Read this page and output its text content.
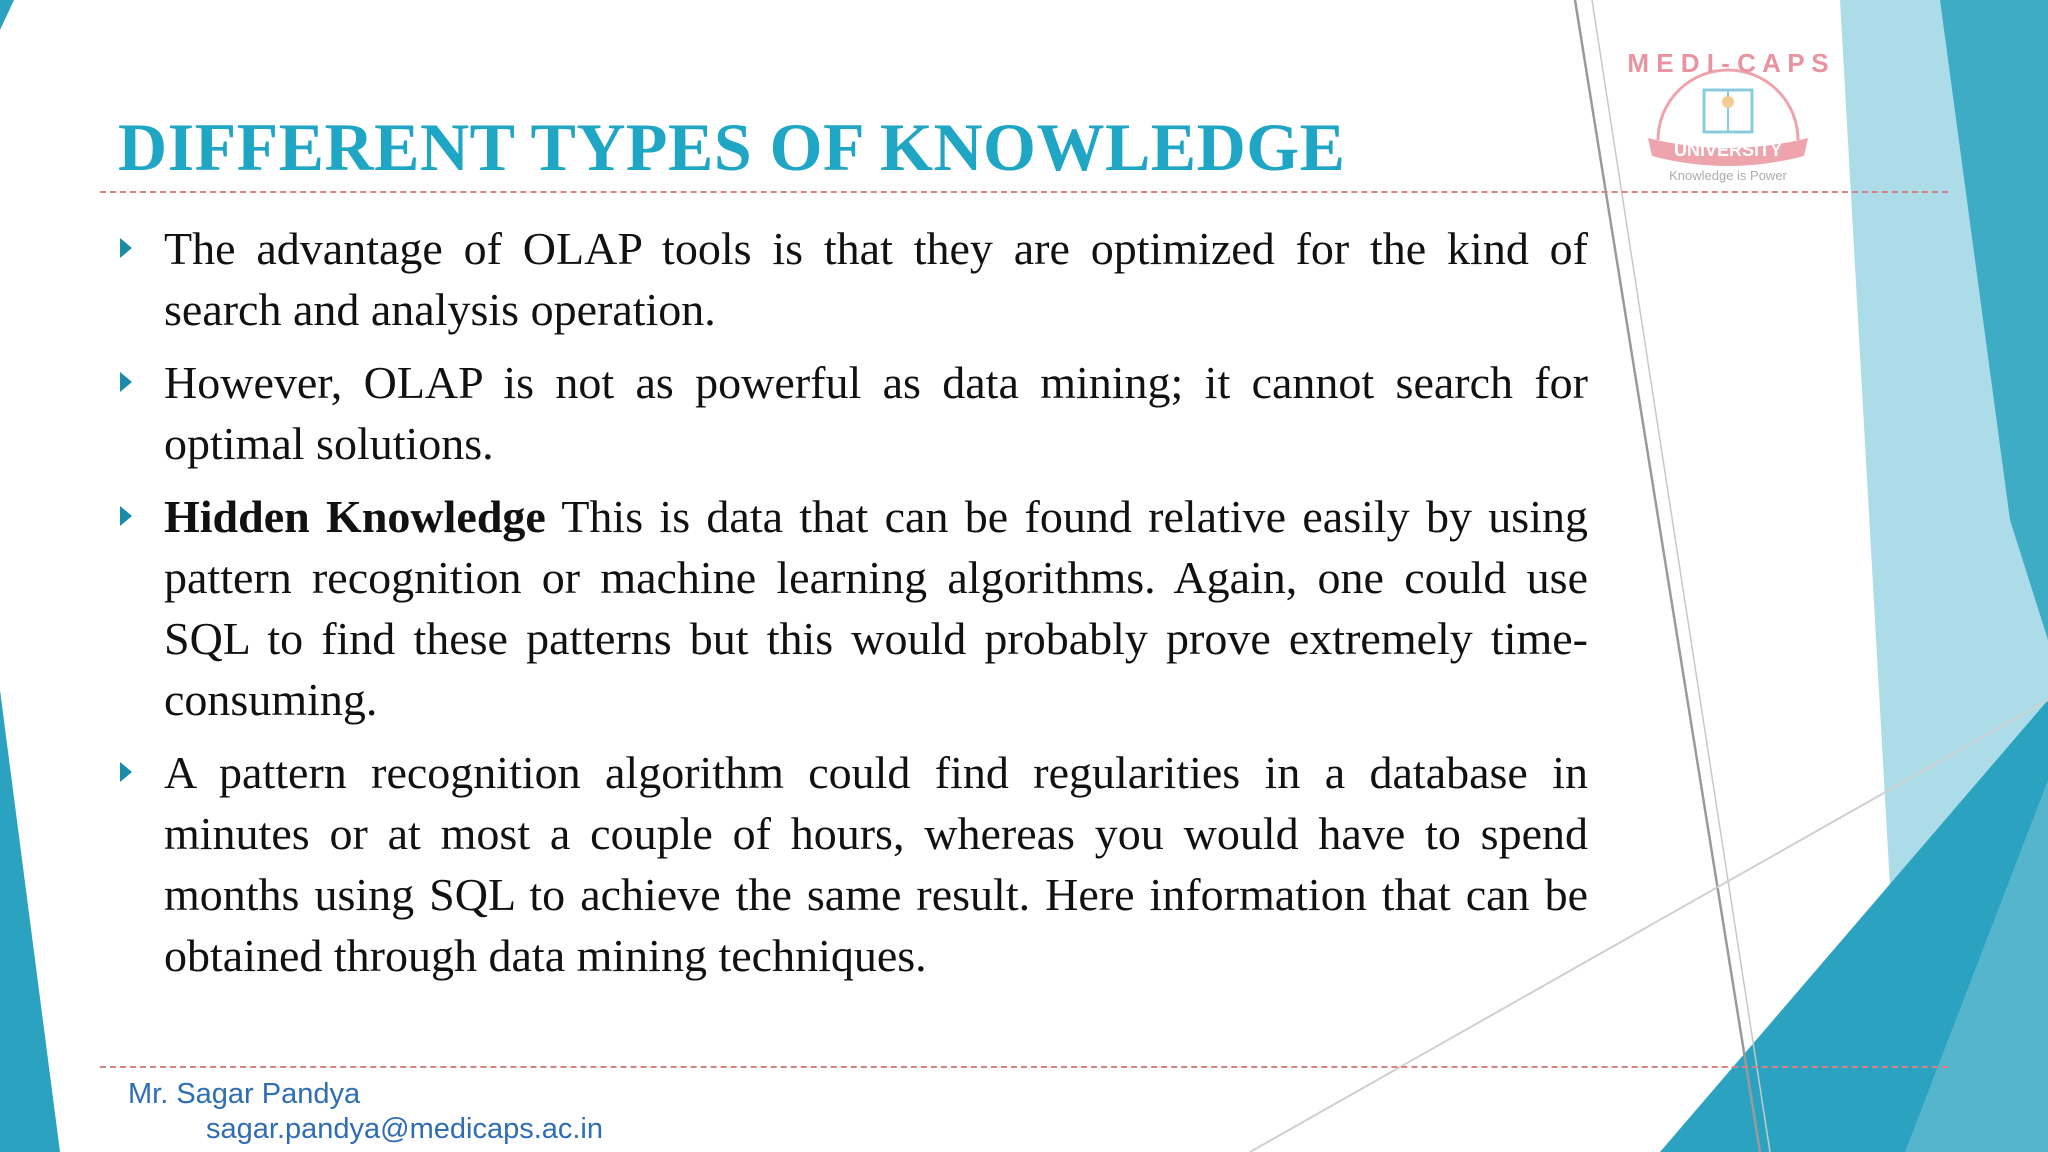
M E D I - C A P S
UNIVERSITY
Knowledge is Power
DIFFERENT TYPES OF KNOWLEDGE
The advantage of OLAP tools is that they are optimized for the kind of search and analysis operation.
However, OLAP is not as powerful as data mining; it cannot search for optimal solutions.
Hidden Knowledge This is data that can be found relative easily by using pattern recognition or machine learning algorithms. Again, one could use SQL to find these patterns but this would probably prove extremely time-consuming.
A pattern recognition algorithm could find regularities in a database in minutes or at most a couple of hours, whereas you would have to spend months using SQL to achieve the same result. Here information that can be obtained through data mining techniques.
Mr. Sagar Pandya
sagar.pandya@medicaps.ac.in
